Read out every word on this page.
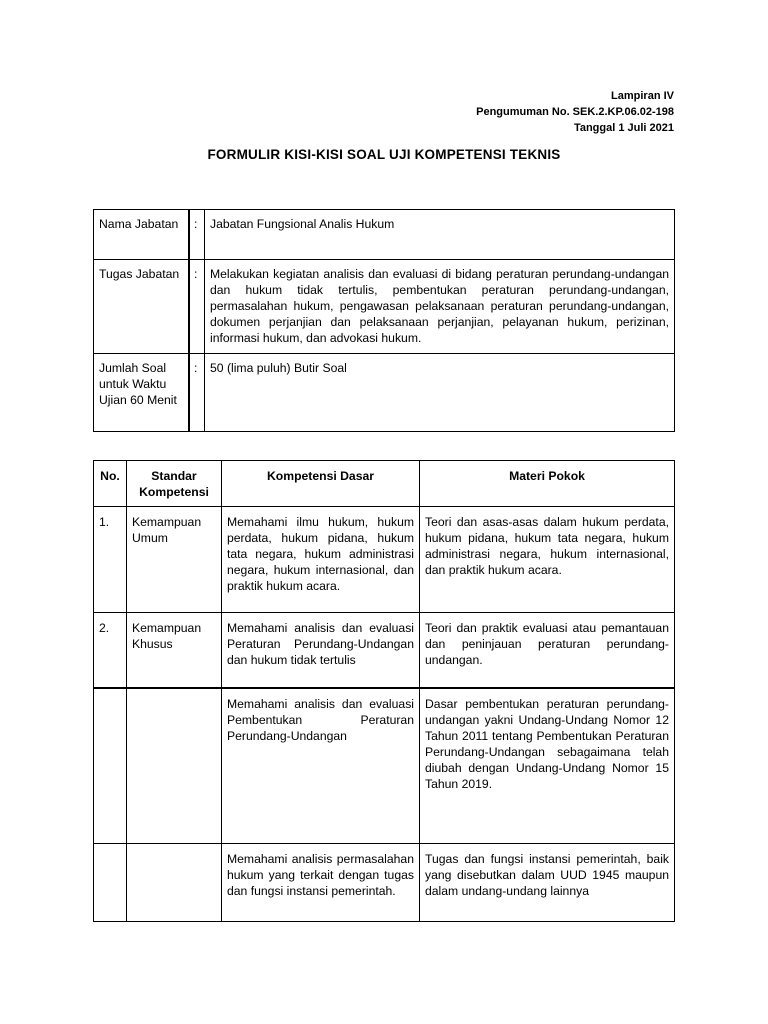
Lampiran IV
Pengumuman No. SEK.2.KP.06.02-198
Tanggal 1 Juli 2021
FORMULIR KISI-KISI SOAL UJI KOMPETENSI TEKNIS
Nama Jabatan	:	Jabatan Fungsional Analis Hukum
Tugas Jabatan	:	Melakukan kegiatan analisis dan evaluasi di bidang peraturan perundang-undangan dan hukum tidak tertulis, pembentukan peraturan perundang-undangan, permasalahan hukum, pengawasan pelaksanaan peraturan perundang-undangan, dokumen perjanjian dan pelaksanaan perjanjian, pelayanan hukum, perizinan, informasi hukum, dan advokasi hukum.
Jumlah Soal untuk Waktu Ujian 60 Menit	:	50 (lima puluh) Butir Soal
No.	Standar Kompetensi	Kompetensi Dasar	Materi Pokok
1.	Kemampuan Umum	Memahami ilmu hukum, hukum perdata, hukum pidana, hukum tata negara, hukum administrasi negara, hukum internasional, dan praktik hukum acara.	Teori dan asas-asas dalam hukum perdata, hukum pidana, hukum tata negara, hukum administrasi negara, hukum internasional, dan praktik hukum acara.
2.	Kemampuan Khusus	Memahami analisis dan evaluasi Peraturan Perundang-Undangan dan hukum tidak tertulis	Teori dan praktik evaluasi atau pemantauan dan peninjauan peraturan perundang-undangan.
		Memahami analisis dan evaluasi Pembentukan Peraturan Perundang-Undangan	Dasar pembentukan peraturan perundang-undangan yakni Undang-Undang Nomor 12 Tahun 2011 tentang Pembentukan Peraturan Perundang-Undangan sebagaimana telah diubah dengan Undang-Undang Nomor 15 Tahun 2019.
		Memahami analisis permasalahan hukum yang terkait dengan tugas dan fungsi instansi pemerintah.	Tugas dan fungsi instansi pemerintah, baik yang disebutkan dalam UUD 1945 maupun dalam undang-undang lainnya
